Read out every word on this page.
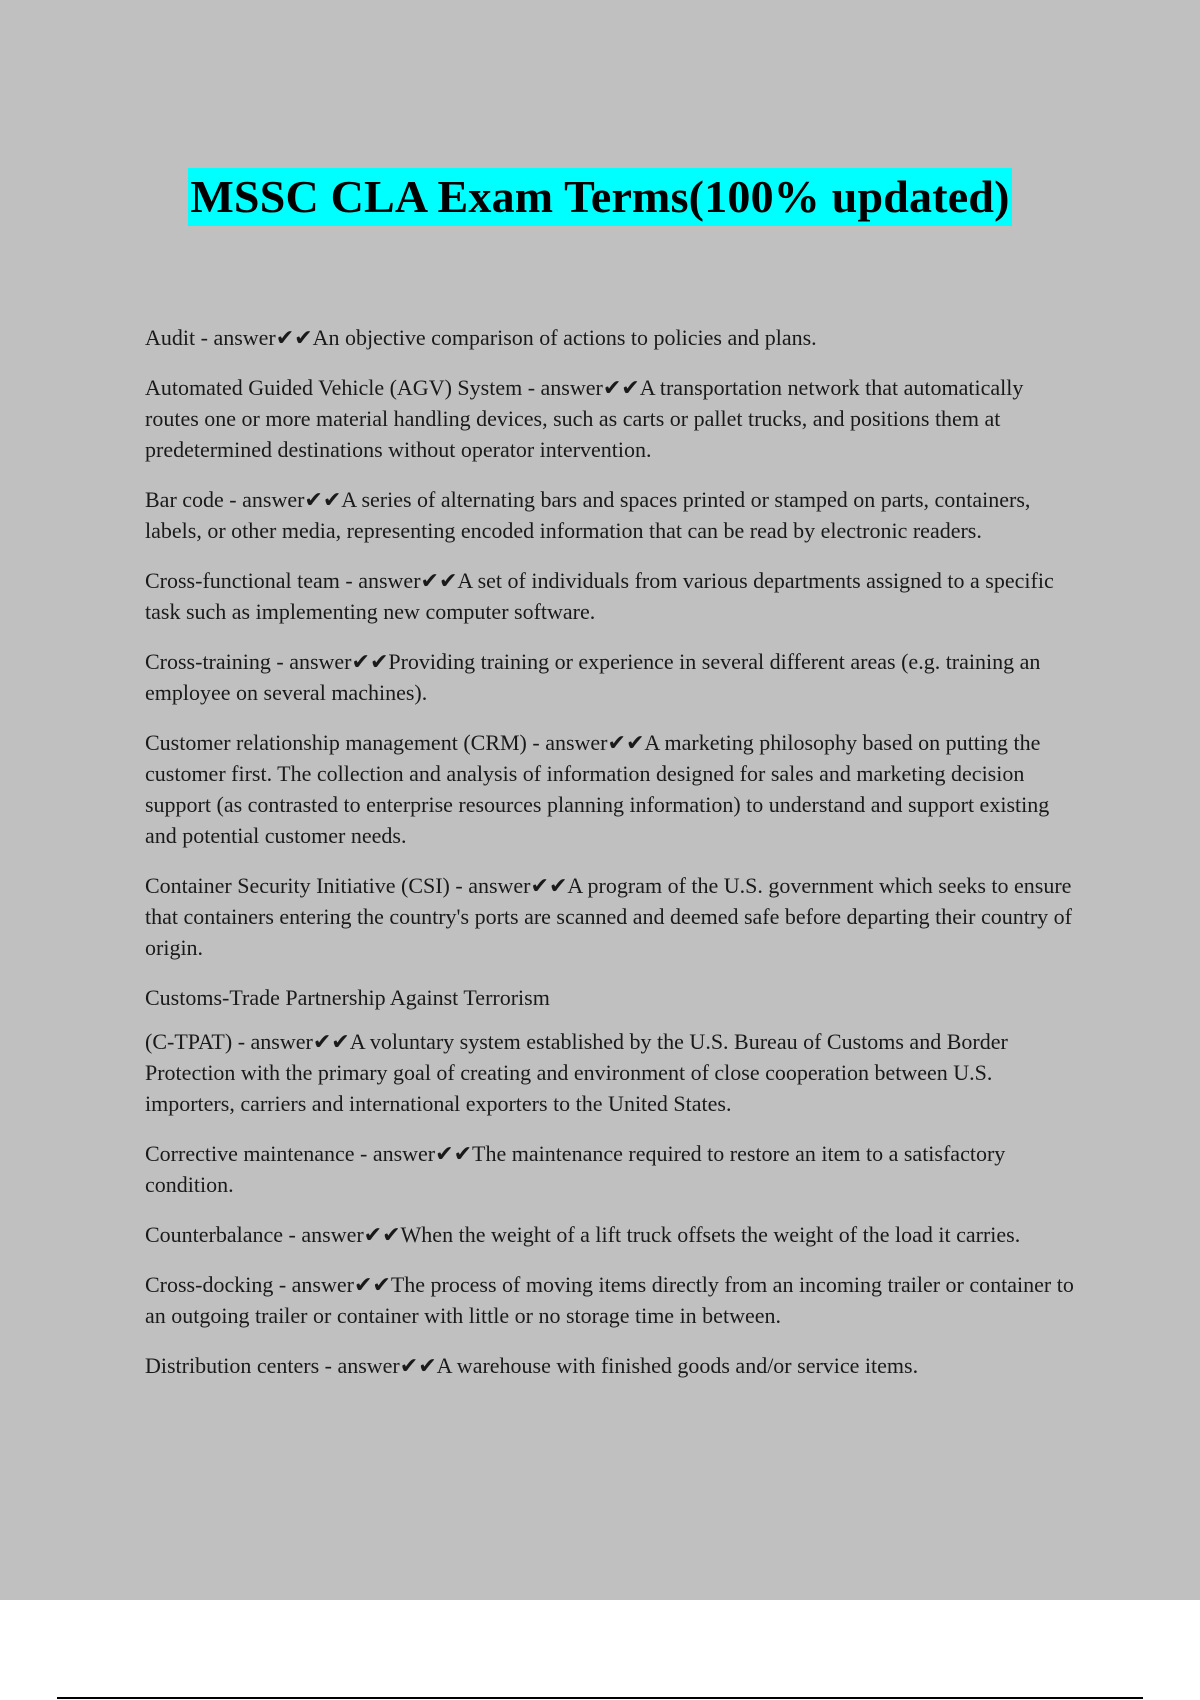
MSSC CLA Exam Terms(100% updated)

Audit - answer✔✔An objective comparison of actions to policies and plans.

Automated Guided Vehicle (AGV) System - answer✔✔A transportation network that automatically routes one or more material handling devices, such as carts or pallet trucks, and positions them at predetermined destinations without operator intervention.

Bar code - answer✔✔A series of alternating bars and spaces printed or stamped on parts, containers, labels, or other media, representing encoded information that can be read by electronic readers.

Cross-functional team - answer✔✔A set of individuals from various departments assigned to a specific task such as implementing new computer software.

Cross-training - answer✔✔Providing training or experience in several different areas (e.g. training an employee on several machines).

Customer relationship management (CRM) - answer✔✔A marketing philosophy based on putting the customer first. The collection and analysis of information designed for sales and marketing decision support (as contrasted to enterprise resources planning information) to understand and support existing and potential customer needs.

Container Security Initiative (CSI) - answer✔✔A program of the U.S. government which seeks to ensure that containers entering the country's ports are scanned and deemed safe before departing their country of origin.

Customs-Trade Partnership Against Terrorism

(C-TPAT) - answer✔✔A voluntary system established by the U.S. Bureau of Customs and Border Protection with the primary goal of creating and environment of close cooperation between U.S. importers, carriers and international exporters to the United States.

Corrective maintenance - answer✔✔The maintenance required to restore an item to a satisfactory condition.

Counterbalance - answer✔✔When the weight of a lift truck offsets the weight of the load it carries.

Cross-docking - answer✔✔The process of moving items directly from an incoming trailer or container to an outgoing trailer or container with little or no storage time in between.

Distribution centers - answer✔✔A warehouse with finished goods and/or service items.
